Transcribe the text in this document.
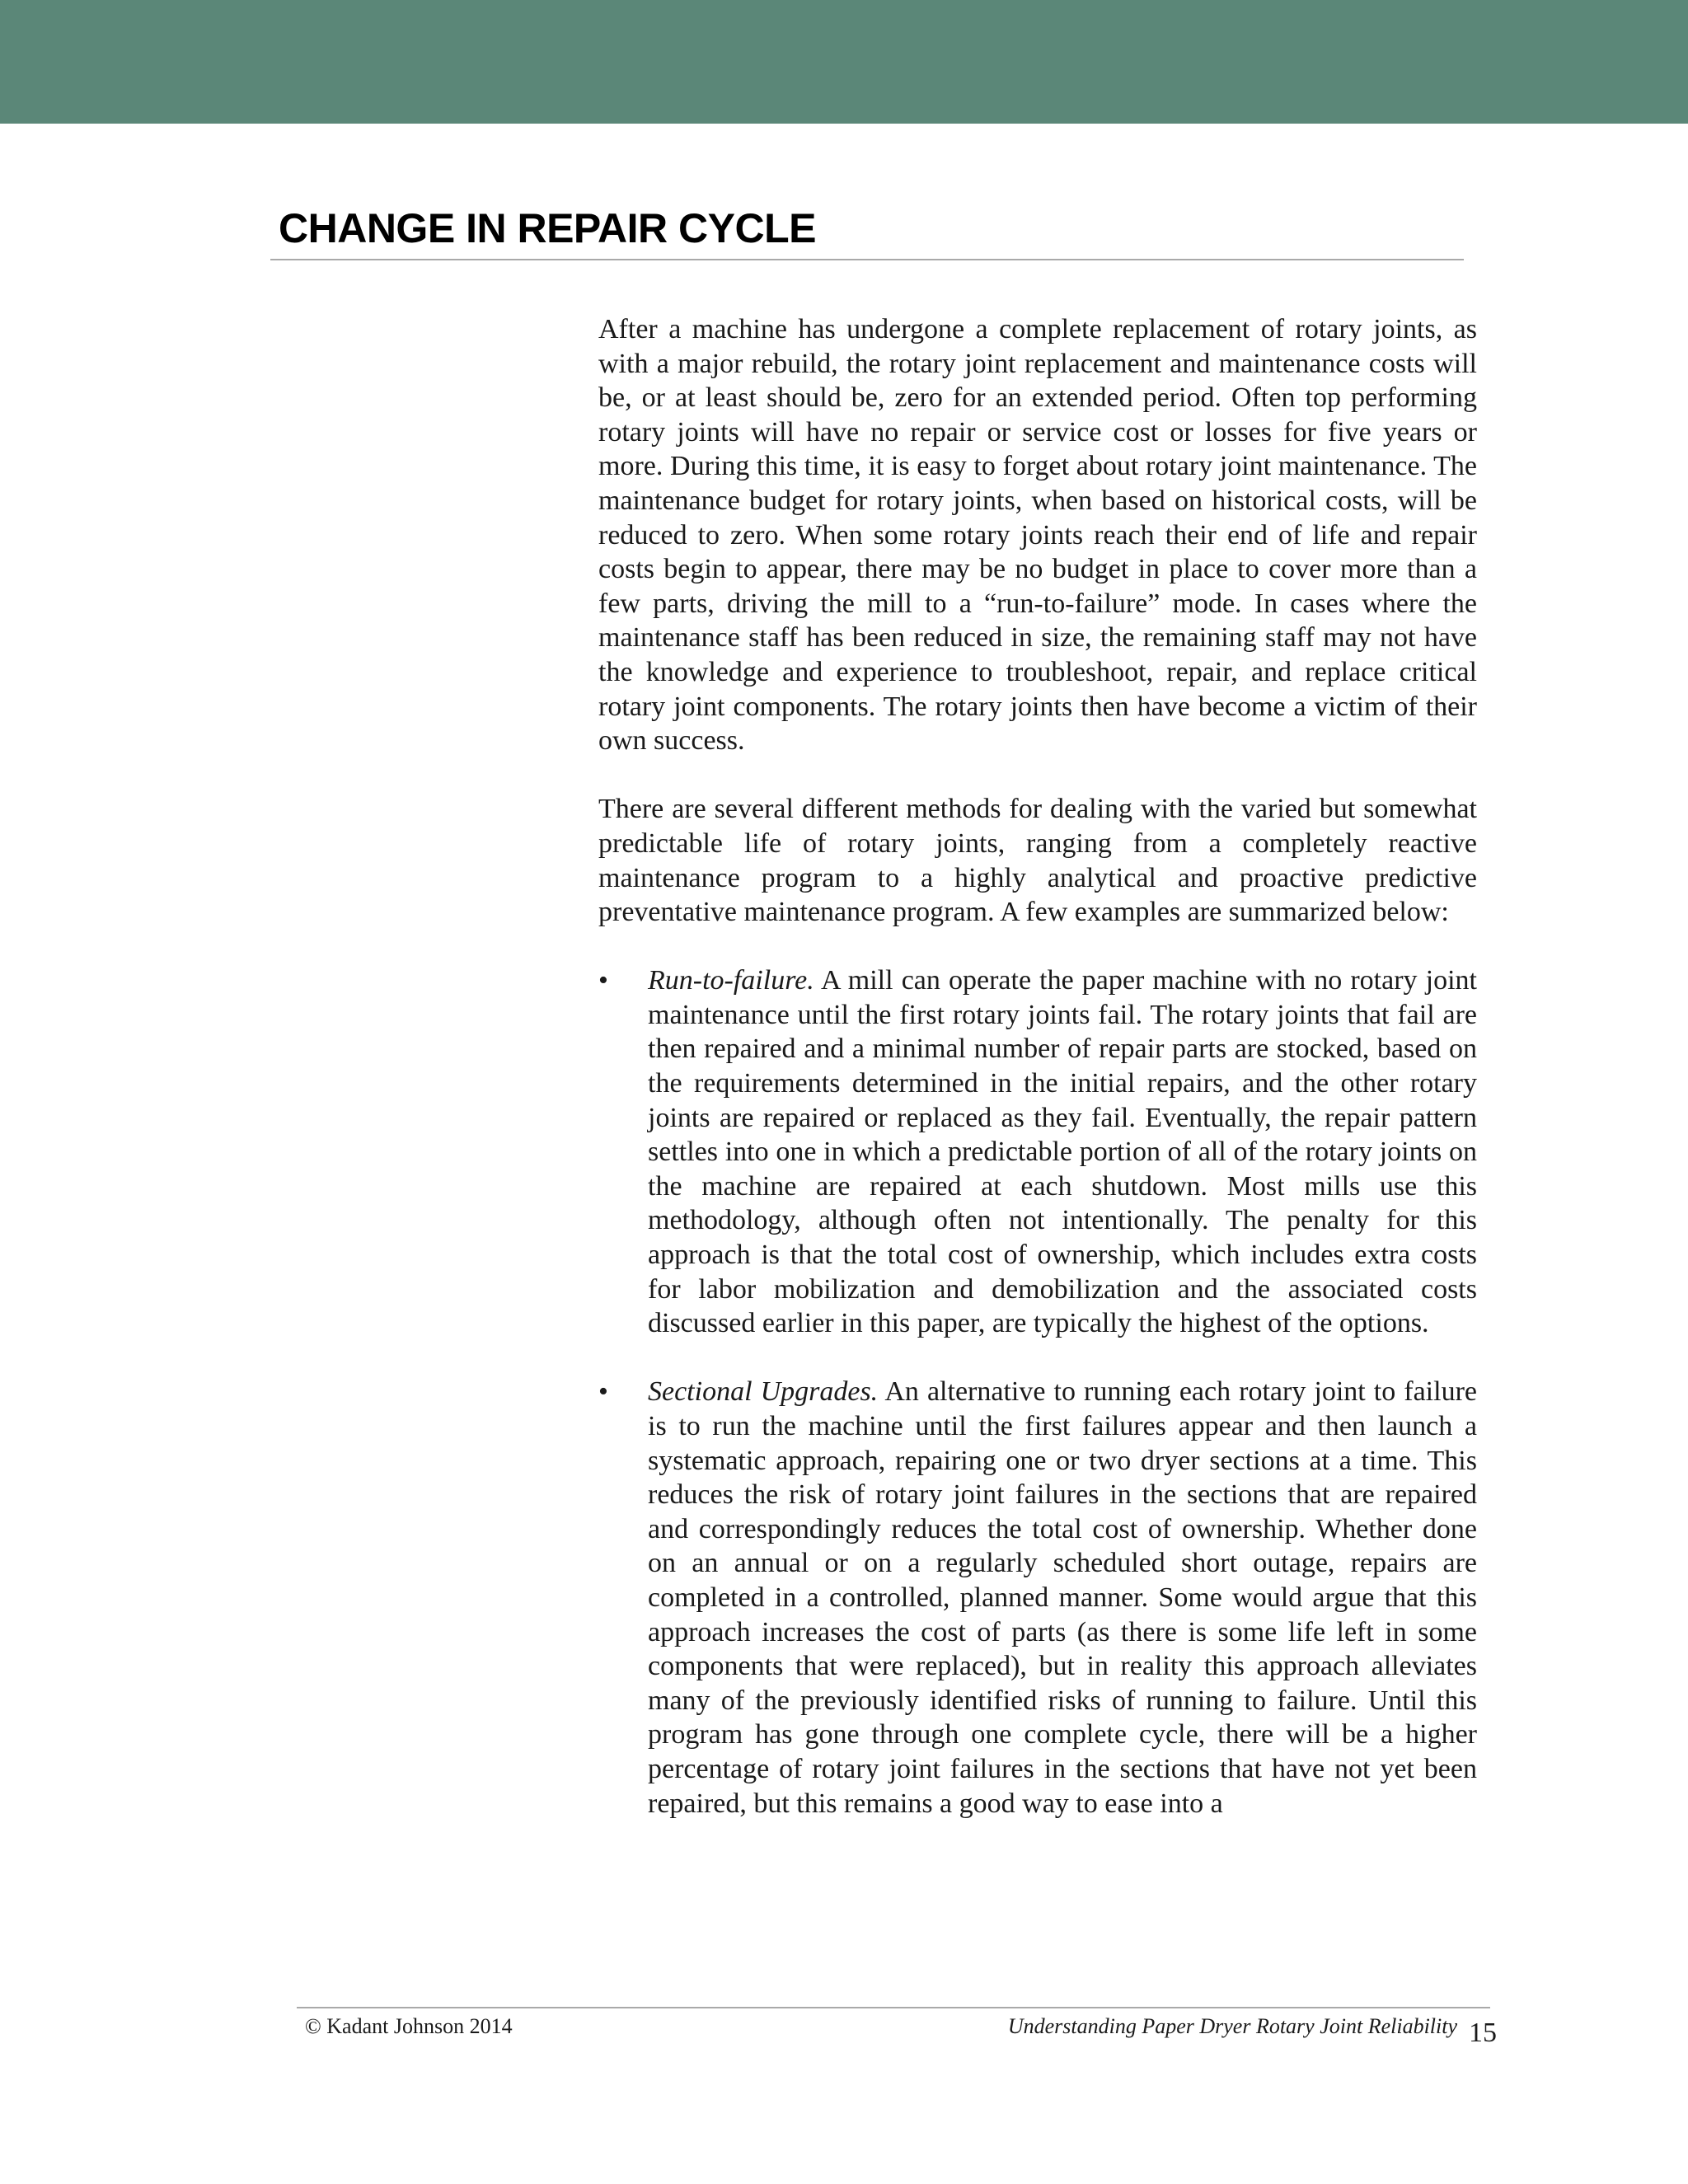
CHANGE IN REPAIR CYCLE

After a machine has undergone a complete replacement of rotary joints, as with a major rebuild, the rotary joint replacement and maintenance costs will be, or at least should be, zero for an extended period. Often top performing rotary joints will have no repair or service cost or losses for five years or more. During this time, it is easy to forget about rotary joint maintenance. The maintenance budget for rotary joints, when based on historical costs, will be reduced to zero. When some rotary joints reach their end of life and repair costs begin to appear, there may be no budget in place to cover more than a few parts, driving the mill to a “run-to-failure” mode. In cases where the maintenance staff has been reduced in size, the remaining staff may not have the knowledge and experience to troubleshoot, repair, and replace critical rotary joint components. The rotary joints then have become a victim of their own success.

There are several different methods for dealing with the varied but somewhat predictable life of rotary joints, ranging from a completely reactive maintenance program to a highly analytical and proactive predictive preventative maintenance program. A few examples are summarized below:

• Run-to-failure. A mill can operate the paper machine with no rotary joint maintenance until the first rotary joints fail. The rotary joints that fail are then repaired and a minimal number of repair parts are stocked, based on the requirements determined in the initial repairs, and the other rotary joints are repaired or replaced as they fail. Eventually, the repair pattern settles into one in which a predictable portion of all of the rotary joints on the machine are repaired at each shutdown. Most mills use this methodology, although often not intentionally. The penalty for this approach is that the total cost of ownership, which includes extra costs for labor mobilization and demobilization and the associated costs discussed earlier in this paper, are typically the highest of the options.
• Sectional Upgrades. An alternative to running each rotary joint to failure is to run the machine until the first failures appear and then launch a systematic approach, repairing one or two dryer sections at a time. This reduces the risk of rotary joint failures in the sections that are repaired and correspondingly reduces the total cost of ownership. Whether done on an annual or on a regularly scheduled short outage, repairs are completed in a controlled, planned manner. Some would argue that this approach increases the cost of parts (as there is some life left in some components that were replaced), but in reality this approach alleviates many of the previously identified risks of running to failure. Until this program has gone through one complete cycle, there will be a higher percentage of rotary joint failures in the sections that have not yet been repaired, but this remains a good way to ease into a
© Kadant Johnson 2014	Understanding Paper Dryer Rotary Joint Reliability 15
